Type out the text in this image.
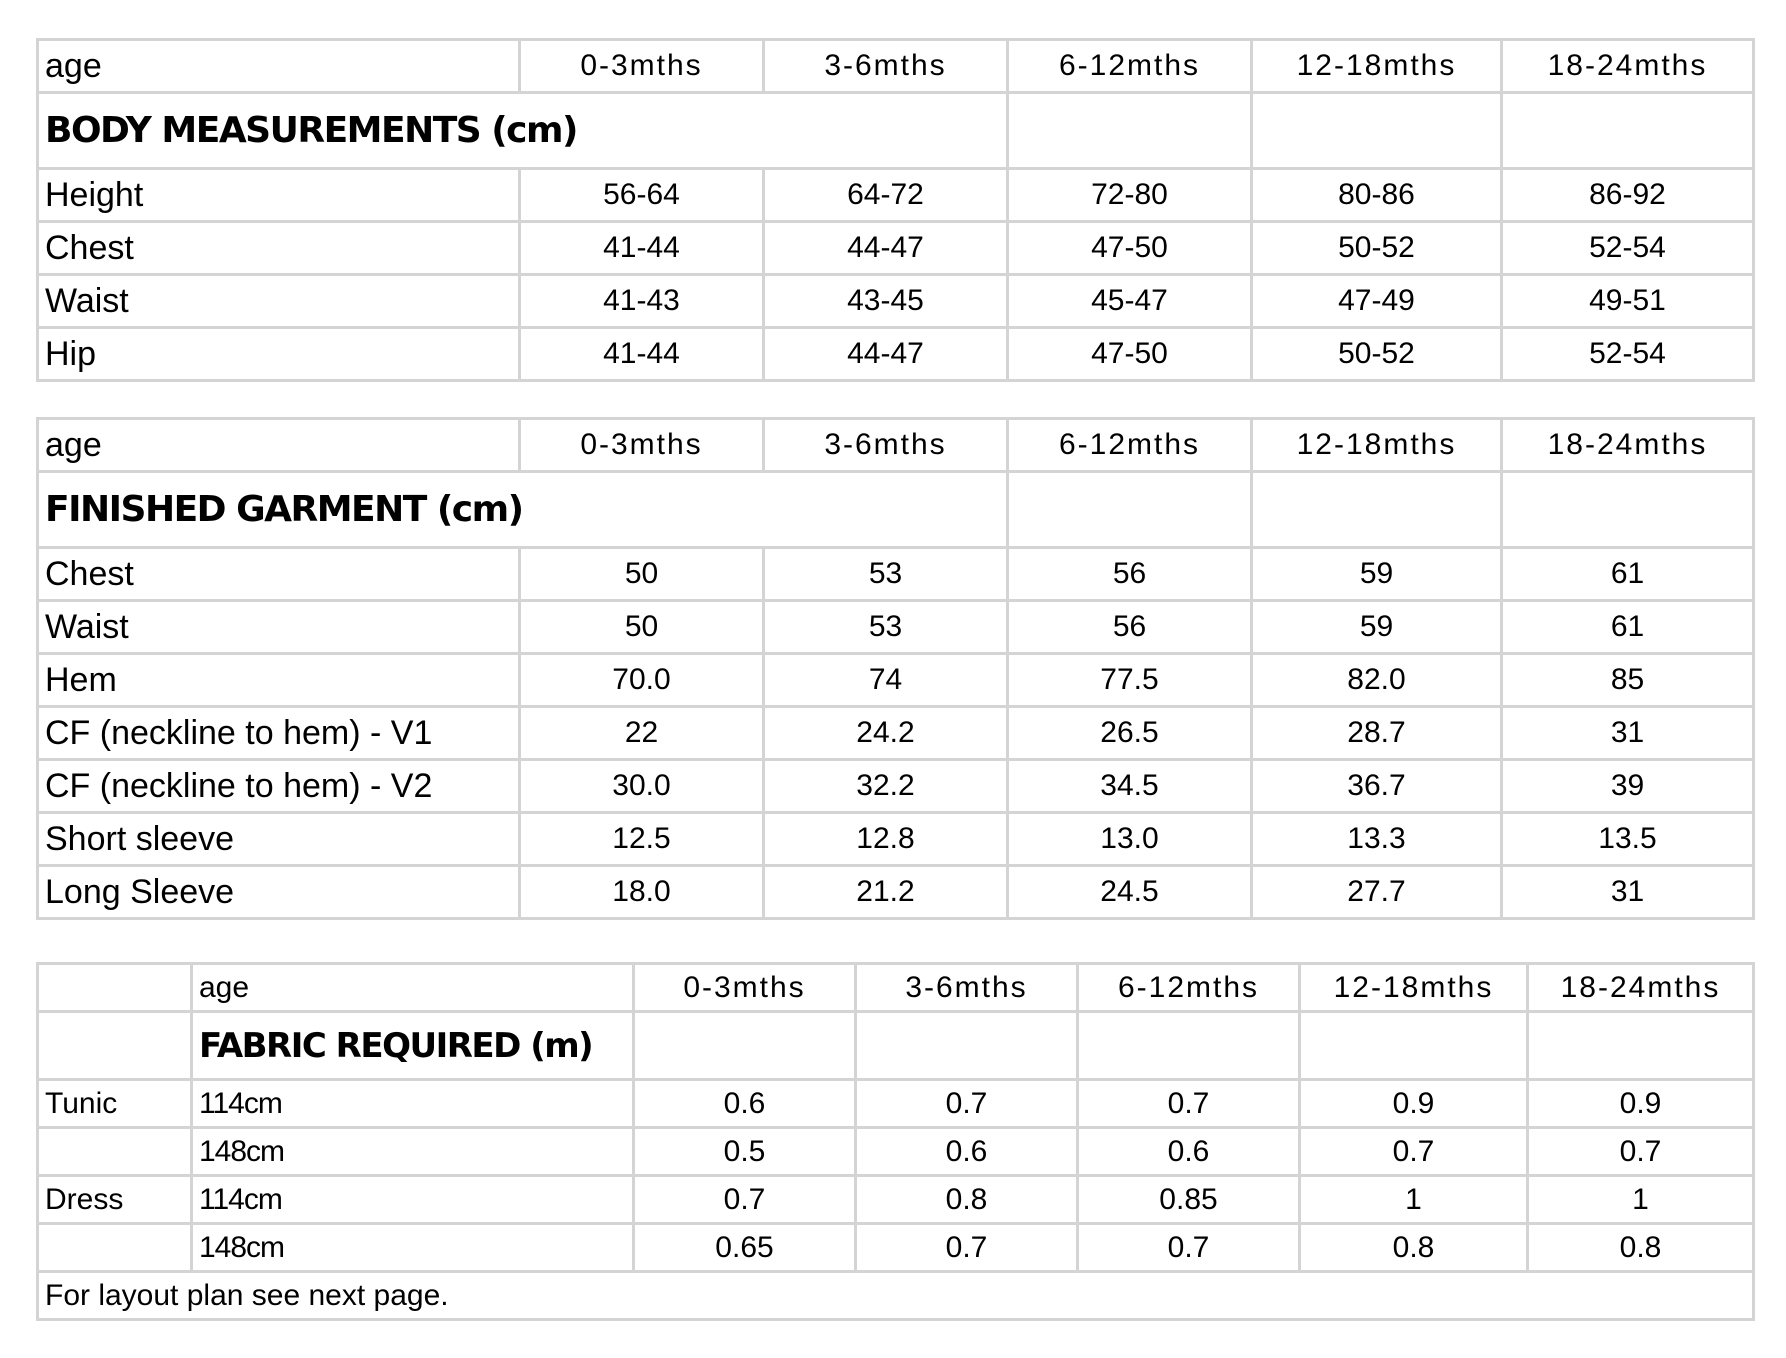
age	0-3mths	3-6mths	6-12mths	12-18mths	18-24mths
BODY MEASUREMENTS (cm)					
Height	56-64	64-72	72-80	80-86	86-92
Chest	41-44	44-47	47-50	50-52	52-54
Waist	41-43	43-45	45-47	47-49	49-51
Hip	41-44	44-47	47-50	50-52	52-54
age	0-3mths	3-6mths	6-12mths	12-18mths	18-24mths
FINISHED GARMENT (cm)					
Chest	50	53	56	59	61
Waist	50	53	56	59	61
Hem	70.0	74	77.5	82.0	85
CF (neckline to hem) - V1	22	24.2	26.5	28.7	31
CF (neckline to hem) - V2	30.0	32.2	34.5	36.7	39
Short sleeve	12.5	12.8	13.0	13.3	13.5
Long Sleeve	18.0	21.2	24.5	27.7	31
	age	0-3mths	3-6mths	6-12mths	12-18mths	18-24mths
	FABRIC REQUIRED (m)					
Tunic	114cm	0.6	0.7	0.7	0.9	0.9
	148cm	0.5	0.6	0.6	0.7	0.7
Dress	114cm	0.7	0.8	0.85	1	1
	148cm	0.65	0.7	0.7	0.8	0.8
For layout plan see next page.						
